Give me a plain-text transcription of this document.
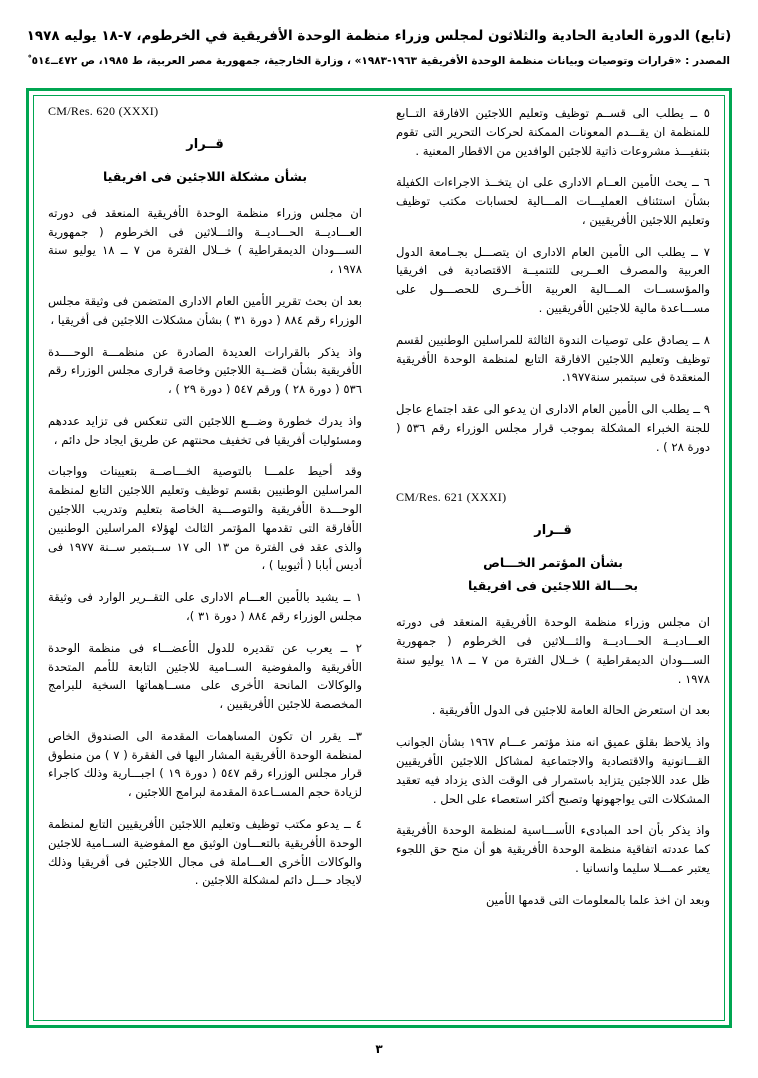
(تابع) الدورة العادية الحادية والثلاثون لمجلس وزراء منظمة الوحدة الأفريقية في الخرطوم، ٧-١٨ يوليه ١٩٧٨
المصدر : «قرارات وتوصيات وبيانات منظمة الوحدة الأفريقية ١٩٦٣-١٩٨٣» ، وزارة الخارجية، جمهورية مصر العربية، ط ١٩٨٥، ص ٤٧٢ــ٥١٤ ْ
CM/Res. 620 (XXXI)
قــرار
بشأن مشكلة اللاجئين فى افريقيا

ان مجلس وزراء منظمة الوحدة الأفريقية المنعقد فى دورته العـــاديــة الحـــاديــة والثـــلاثين فى الخرطوم ( جمهورية الســـودان الديمقراطية ) خــلال الفترة من ٧ ــ ١٨ يوليو سنة ١٩٧٨ ،

بعد ان بحث تقرير الأمين العام الادارى المتضمن فى وثيقة مجلس الوزراء رقم ٨٨٤ ( دورة ٣١ ) بشأن مشكلات اللاجئين فى أفريقيا ،

واذ يذكر بالقرارات العديدة الصادرة عن منظمـــة الوحــــدة الأفريقية بشأن قضــية اللاجئين وخاصة قرارى مجلس الوزراء رقم ٥٣٦ ( دورة ٢٨ ) ورقم ٥٤٧ ( دورة ٢٩ ) ،

واذ يدرك خطورة وضـــع اللاجئين التى تنعكس فى تزايد عددهم ومسئوليات أفريقيا فى تخفيف محنتهم عن طريق ايجاد حل دائم ،

وقد أحيط علمـــا بالتوصية الخـــاصــة بتعيينات وواجبات المراسلين الوطنيين بقسم توظيف وتعليم اللاجئين التابع لمنظمة الوحـــدة الأفريقية والتوصـــية الخاصة بتعليم وتدريب اللاجئين الأفارقة التى تقدمها المؤتمر الثالث لهؤلاء المراسلين الوطنيين والذى عقد فى الفترة من ١٣ الى ١٧ ســبتمبر ســنة ١٩٧٧ فى أديس أبابا ( أثيوبيا ) ،

١ ــ يشيد بالأمين العـــام الادارى على التقــرير الوارد فى وثيقة مجلس الوزراء رقم ٨٨٤ ( دورة ٣١ )،

٢ ــ يعرب عن تقديره للدول الأعضـــاء فى منظمة الوحدة الأفريقية والمفوضية الســامية للاجئين التابعة للأمم المتحدة والوكالات المانحة الأخرى على مســاهماتها السخية للبرامج المخصصة للاجئين الأفريقيين ،

٣ــ يقرر ان تكون المساهمات المقدمة الى الصندوق الخاص لمنظمة الوحدة الأفريقية المشار اليها فى الفقرة ( ٧ ) من منطوق قرار مجلس الوزراء رقم ٥٤٧ ( دورة ١٩ ) اجبـــارية وذلك كاجراء لزيادة حجم المســاعدة المقدمة لبرامج اللاجئين ،

٤ ــ يدعو مكتب توظيف وتعليم اللاجئين الأفريقيين التابع لمنظمة الوحدة الأفريقية بالتعـــاون الوثيق مع المفوضية الســامية للاجئين والوكالات الأخرى العـــاملة فى مجال اللاجئين فى أفريقيا وذلك لايجاد حـــل دائم لمشكلة اللاجئين .

٥ ــ يطلب الى قســم توظيف وتعليم اللاجئين الافارقة التــابع للمنظمة ان يقـــدم المعونات الممكنة لحركات التحرير التى تقوم بتنفيـــذ مشروعات ذاتية للاجئين الوافدين من الاقطار المعنية .

٦ ــ يحث الأمين العــام الادارى على ان يتخــذ الاجراءات الكفيلة بشأن استئناف العمليـــات المـــالية لحسابات مكتب توظيف وتعليم اللاجئين الأفريقيين ،

٧ ــ يطلب الى الأمين العام الادارى ان يتصـــل بجــامعة الدول العربية والمصرف العــربى للتنميــة الاقتصادية فى افريقيا والمؤسســات المـــالية العربية الأخــرى للحصـــول على مســـاعدة مالية للاجئين الأفريقيين .

٨ ــ يصادق على توصيات الندوة الثالثة للمراسلين الوطنيين لقسم توظيف وتعليم اللاجئين الافارقة التابع لمنظمة الوحدة الأفريقية المنعقدة فى سبتمبر سنة١٩٧٧.

٩ ــ يطلب الى الأمين العام الادارى ان يدعو الى عقد اجتماع عاجل للجنة الخبراء المشكلة بموجب قرار مجلس الوزراء رقم ٥٣٦ ( دورة ٢٨ ) .

CM/Res. 621 (XXXI)
قــرار
بشأن المؤتمر الخـــاص
بحـــالة اللاجئين فى افريقيا

ان مجلس وزراء منظمة الوحدة الأفريقية المنعقد فى دورته العـــاديــة الحـــاديــة والثـــلاثين فى الخرطوم ( جمهورية الســـودان الديمقراطية ) خــلال الفترة من ٧ ــ ١٨ يوليو سنة ١٩٧٨ .

بعد ان استعرض الحالة العامة للاجئين فى الدول الأفريقية .

واذ يلاحظ بقلق عميق انه منذ مؤتمر عـــام ١٩٦٧ بشأن الجوانب القـــانونية والاقتصادية والاجتماعية لمشاكل اللاجئين الأفريقيين ظل عدد اللاجئين يتزايد باستمرار فى الوقت الذى يزداد فيه تعقيد المشكلات التى يواجهونها وتصبح أكثر استعصاء على الحل .

واذ يذكر بأن احد المبادىء الأســـاسية لمنظمة الوحدة الأفريقية كما عددته اتفاقية منظمة الوحدة الأفريقية هو أن منح حق اللجوء يعتبر عمـــلا سليما وانسانيا .

وبعد ان اخذ علما بالمعلومات التى قدمها الأمين

٣
